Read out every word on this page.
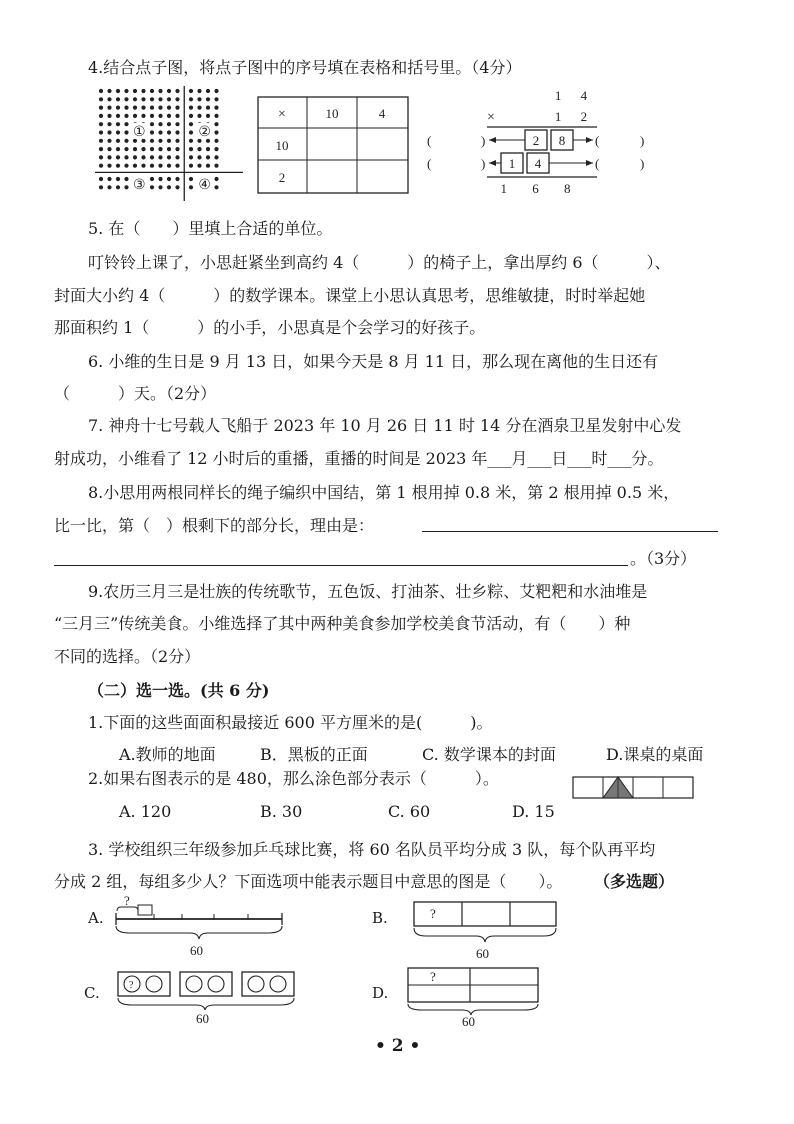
4.结合点子图，将点子图中的序号填在表格和括号里。（4分）
①	②
③	④
×	10	4
10
2
1 4
×	1 2
(	)	2 8 (	)
(	) 1 4	(	)
1 6 8
5. 在（　　）里填上合适的单位。
叮铃铃上课了，小思赶紧坐到高约 4（　　　）的椅子上，拿出厚约 6（　　　）、
封面大小约 4（　　　）的数学课本。课堂上小思认真思考，思维敏捷，时时举起她
那面积约 1（　　　）的小手，小思真是个会学习的好孩子。
6. 小维的生日是 9 月 13 日，如果今天是 8 月 11 日，那么现在离他的生日还有
（　　　）天。（2分）
7. 神舟十七号载人飞船于 2023 年 10 月 26 日 11 时 14 分在酒泉卫星发射中心发
射成功，小维看了 12 小时后的重播，重播的时间是 2023 年___月___日___时___分。
8.小思用两根同样长的绳子编织中国结，第 1 根用掉 0.8 米，第 2 根用掉 0.5 米，
比一比，第（　）根剩下的部分长，理由是：
。（3分）
9.农历三月三是壮族的传统歌节，五色饭、打油茶、壮乡粽、艾粑粑和水油堆是
“三月三”传统美食。小维选择了其中两种美食参加学校美食节活动，有（　　）种
不同的选择。（2分）
（二）选一选。(共 6 分)
1.下面的这些面面积最接近 600 平方厘米的是(　　　)。
A.教师的地面	B．黑板的正面	C. 数学课本的封面	D.课桌的桌面
2.如果右图表示的是 480，那么涂色部分表示（　　　）。
A. 120	B. 30	C. 60	D. 15
3. 学校组织三年级参加乒乓球比赛，将 60 名队员平均分成 3 队，每个队再平均
分成 2 组，每组多少人？下面选项中能表示题目中意思的图是（　　）。 （多选题）
A.
?
60
B.	?
60
C.	?
60
D.
?
60
• 2 •
